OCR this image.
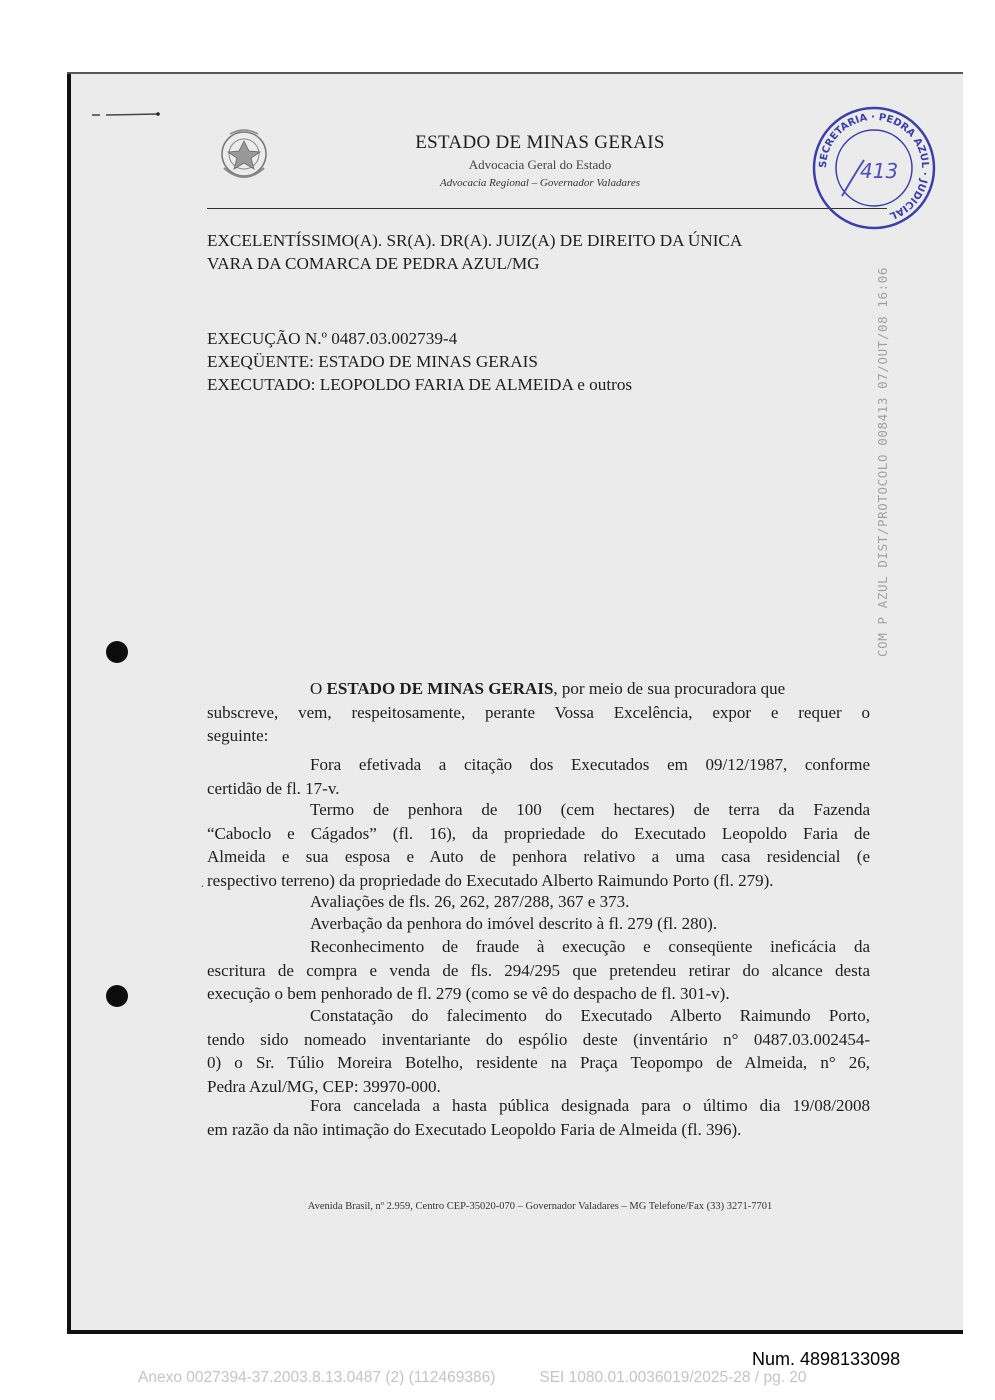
ESTADO DE MINAS GERAIS
Advocacia Geral do Estado
Advocacia Regional – Governador Valadares
SECRETARIA · PEDRA AZUL · JUDICIAL
413
EXCELENTÍSSIMO(A). SR(A). DR(A). JUIZ(A) DE DIREITO DA ÚNICA
VARA DA COMARCA DE PEDRA AZUL/MG
EXECUÇÃO N.º 0487.03.002739-4
EXEQÜENTE: ESTADO DE MINAS GERAIS
EXECUTADO: LEOPOLDO FARIA DE ALMEIDA e outros	COM P AZUL DIST/PROTOCOLO 008413 07/OUT/08 16:06
O ESTADO DE MINAS GERAIS, por meio de sua procuradora que
subscreve, vem, respeitosamente, perante Vossa Excelência, expor e requer o
seguinte:
Fora efetivada a citação dos Executados em 09/12/1987, conforme
certidão de fl. 17-v.
Termo de penhora de 100 (cem hectares) de terra da Fazenda
“Caboclo e Cágados” (fl. 16), da propriedade do Executado Leopoldo Faria de
Almeida e sua esposa e Auto de penhora relativo a uma casa residencial (e
respectivo terreno) da propriedade do Executado Alberto Raimundo Porto (fl. 279).
·
Avaliações de fls. 26, 262, 287/288, 367 e 373.
Averbação da penhora do imóvel descrito à fl. 279 (fl. 280).
Reconhecimento de fraude à execução e conseqüente ineficácia da
escritura de compra e venda de fls. 294/295 que pretendeu retirar do alcance desta
execução o bem penhorado de fl. 279 (como se vê do despacho de fl. 301-v).
Constatação do falecimento do Executado Alberto Raimundo Porto,
tendo sido nomeado inventariante do espólio deste (inventário n° 0487.03.002454-
0) o Sr. Túlio Moreira Botelho, residente na Praça Teopompo de Almeida, n° 26,
Pedra Azul/MG, CEP: 39970-000.
Fora cancelada a hasta pública designada para o último dia 19/08/2008
em razão da não intimação do Executado Leopoldo Faria de Almeida (fl. 396).
Avenida Brasil, nº 2.959, Centro CEP-35020-070 – Governador Valadares – MG Telefone/Fax (33) 3271-7701
Num. 4898133098
Anexo 0027394-37.2003.8.13.0487 (2) (112469386)	SEI 1080.01.0036019/2025-28 / pg. 20
